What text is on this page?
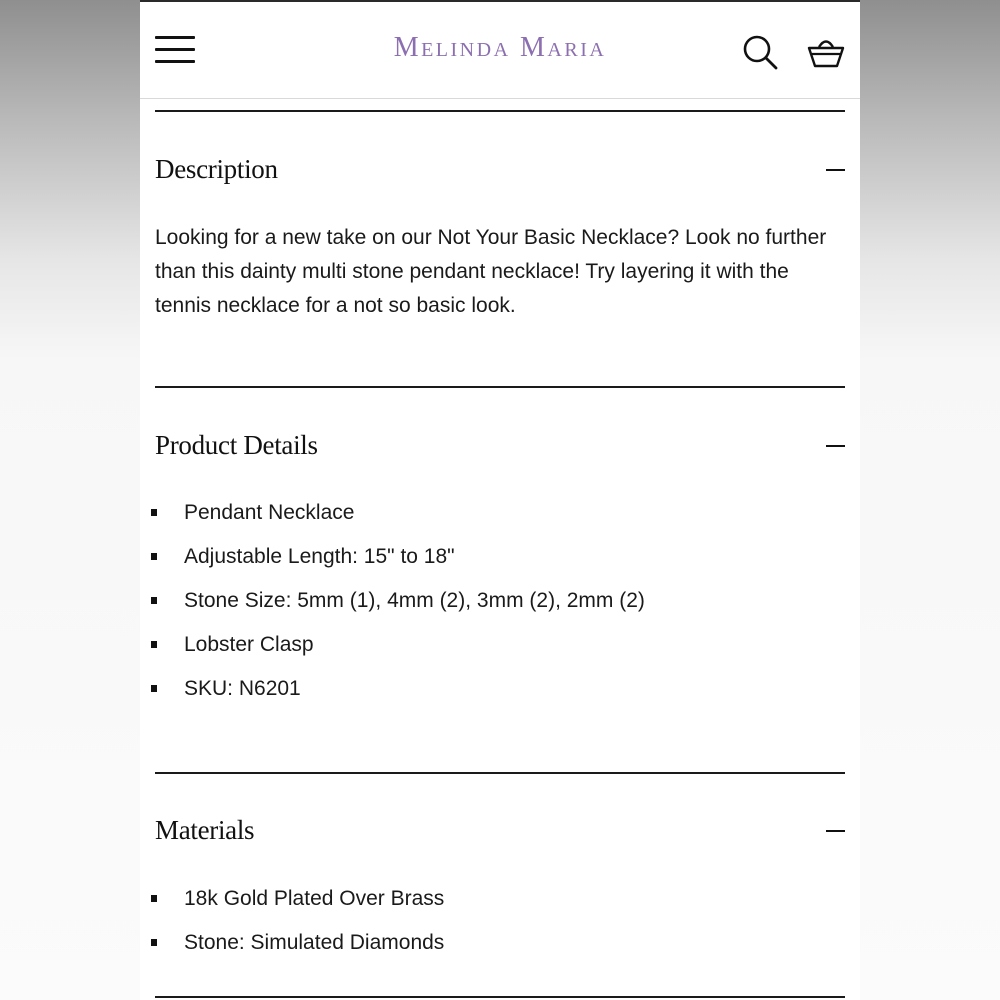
Melinda Maria
Description

Looking for a new take on our Not Your Basic Necklace? Look no further than this dainty multi stone pendant necklace! Try layering it with the tennis necklace for a not so basic look.

Product Details
Pendant Necklace
Adjustable Length: 15" to 18"
Stone Size: 5mm (1), 4mm (2), 3mm (2), 2mm (2)
Lobster Clasp
SKU: N6201
Materials
18k Gold Plated Over Brass
Stone: Simulated Diamonds
